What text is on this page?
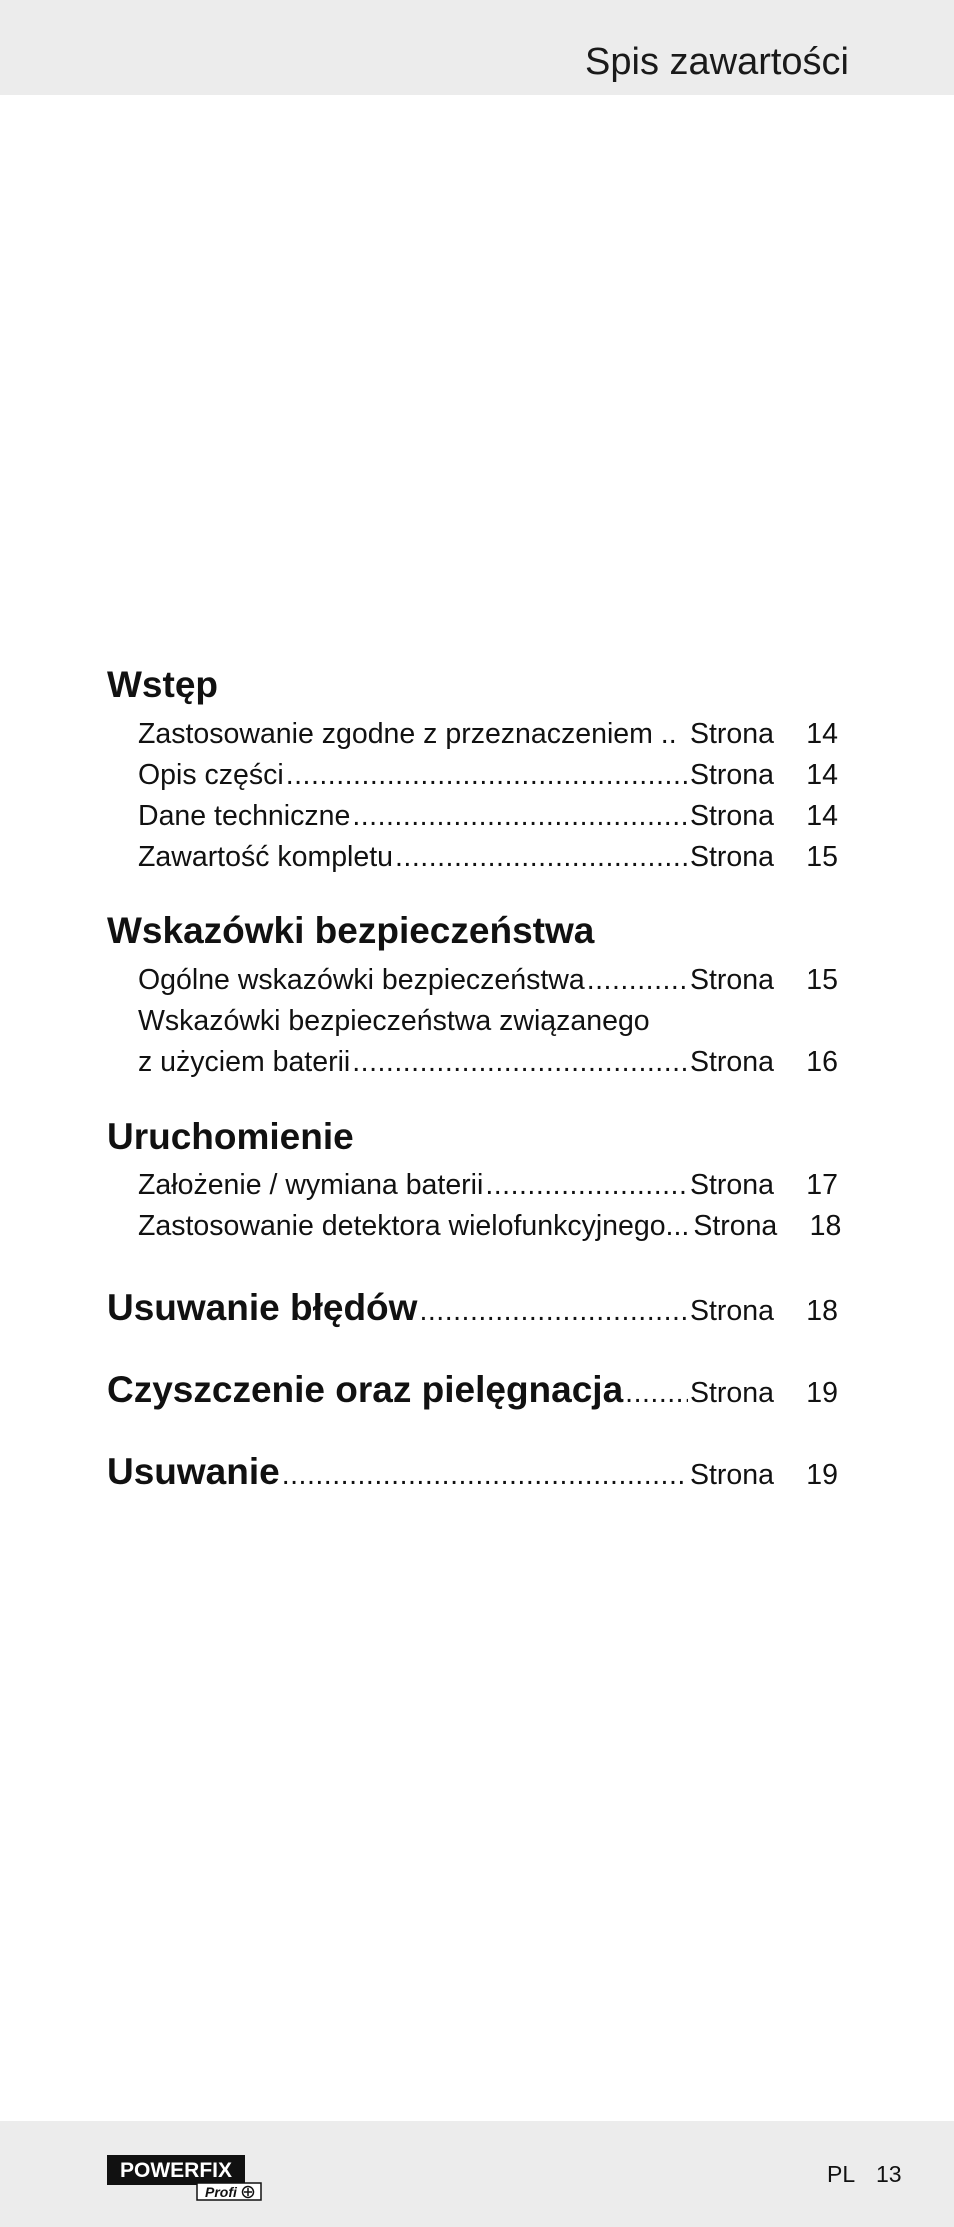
Spis zawartości
Wstęp
Zastosowanie zgodne z przeznaczeniem .. Strona	14
Opis części .....	Strona	14
Dane techniczne .....	Strona	14
Zawartość kompletu .....	Strona	15
Wskazówki bezpieczeństwa
Ogólne wskazówki bezpieczeństwa .....	Strona	15
Wskazówki bezpieczeństwa związanego
z użyciem baterii .....	Strona	16
Uruchomienie
Założenie / wymiana baterii .....	Strona	17
Zastosowanie detektora wielofunkcyjnego... Strona	18
Usuwanie błędów .....	Strona	18
Czyszczenie oraz pielęgnacja ..... Strona	19
Usuwanie .....	Strona	19
POWERFIX
Profi
PL 13
